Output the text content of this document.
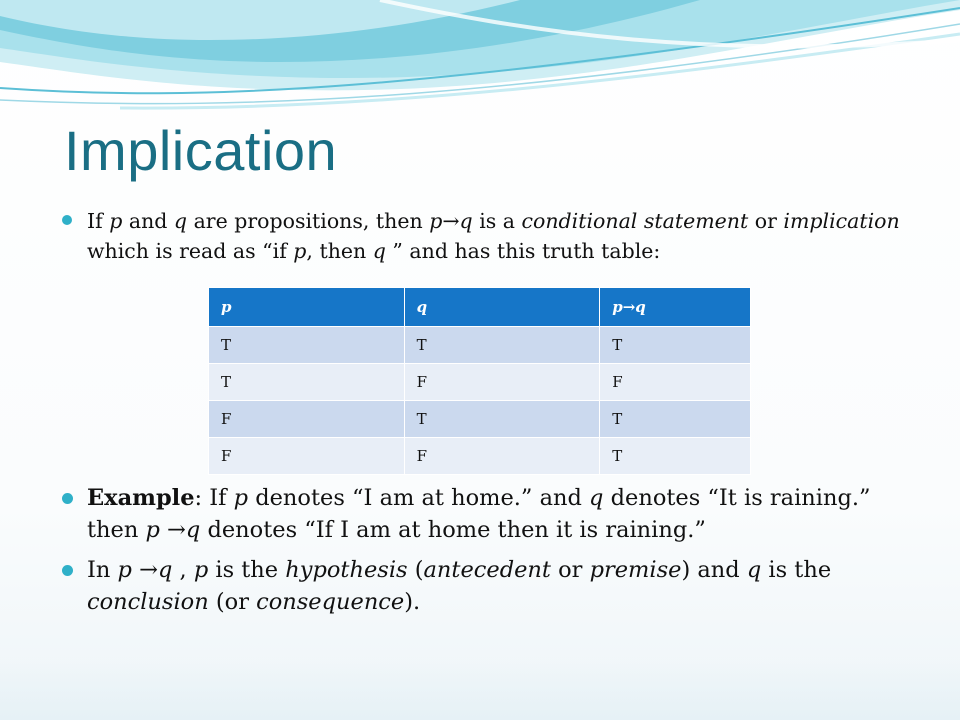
Implication
If p and q are propositions, then p→q is a conditional statement or implication which is read as “if p, then q ” and has this truth table:
p	q	p→q
T	T	T
T	F	F
F	T	T
F	F	T
Example: If p denotes “I am at home.” and q denotes “It is raining.” then p →q denotes “If I am at home then it is raining.”
In p →q , p is the hypothesis (antecedent or premise) and q is the conclusion (or consequence).
